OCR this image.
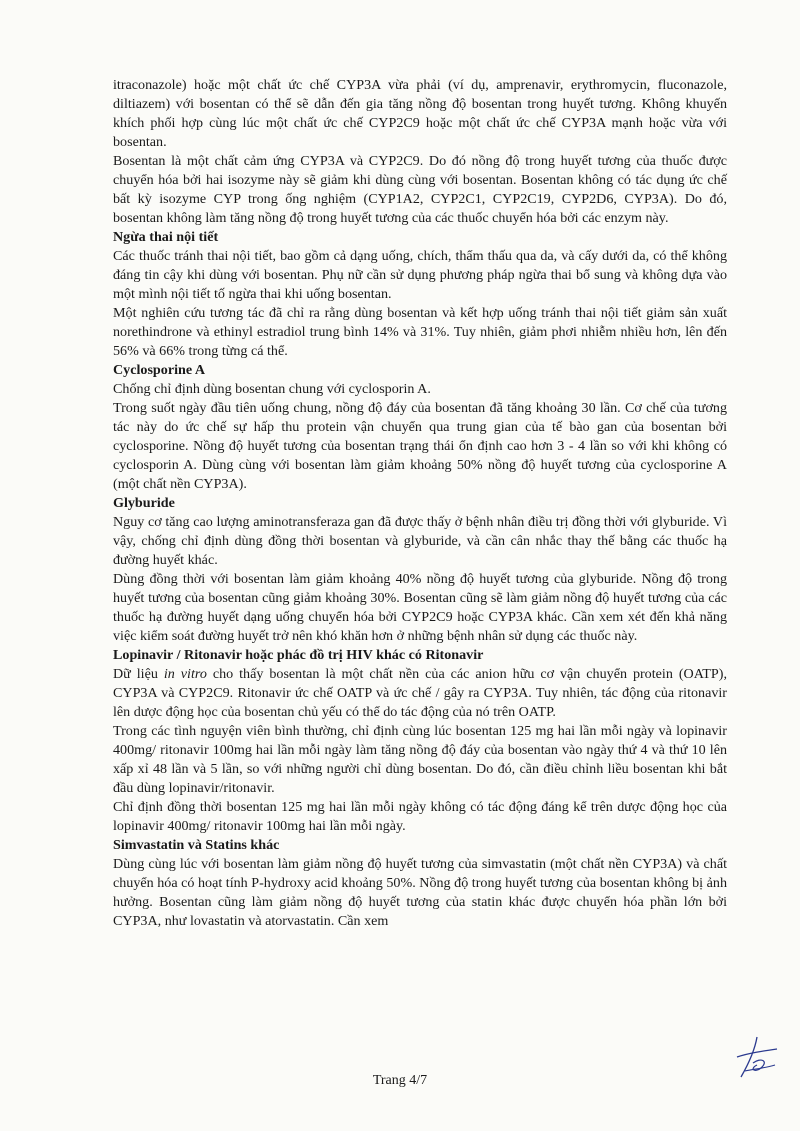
itraconazole) hoặc một chất ức chế CYP3A vừa phải (ví dụ, amprenavir, erythromycin, fluconazole, diltiazem) với bosentan có thể sẽ dẫn đến gia tăng nồng độ bosentan trong huyết tương. Không khuyến khích phối hợp cùng lúc một chất ức chế CYP2C9 hoặc một chất ức chế CYP3A mạnh hoặc vừa với bosentan.

Bosentan là một chất cảm ứng CYP3A và CYP2C9. Do đó nồng độ trong huyết tương của thuốc được chuyển hóa bởi hai isozyme này sẽ giảm khi dùng cùng với bosentan. Bosentan không có tác dụng ức chế bất kỳ isozyme CYP trong ống nghiệm (CYP1A2, CYP2C1, CYP2C19, CYP2D6, CYP3A). Do đó, bosentan không làm tăng nồng độ trong huyết tương của các thuốc chuyển hóa bởi các enzym này.

Ngừa thai nội tiết

Các thuốc tránh thai nội tiết, bao gồm cả dạng uống, chích, thẩm thấu qua da, và cấy dưới da, có thể không đáng tin cậy khi dùng với bosentan. Phụ nữ cần sử dụng phương pháp ngừa thai bổ sung và không dựa vào một mình nội tiết tố ngừa thai khi uống bosentan.

Một nghiên cứu tương tác đã chỉ ra rằng dùng bosentan và kết hợp uống tránh thai nội tiết giảm sản xuất norethindrone và ethinyl estradiol trung bình 14% và 31%. Tuy nhiên, giảm phơi nhiễm nhiều hơn, lên đến 56% và 66% trong từng cá thể.

Cyclosporine A

Chống chỉ định dùng bosentan chung với cyclosporin A.

Trong suốt ngày đầu tiên uống chung, nồng độ đáy của bosentan đã tăng khoảng 30 lần. Cơ chế của tương tác này do ức chế sự hấp thu protein vận chuyển qua trung gian của tế bào gan của bosentan bởi cyclosporine. Nồng độ huyết tương của bosentan trạng thái ổn định cao hơn 3 - 4 lần so với khi không có cyclosporin A. Dùng cùng với bosentan làm giảm khoảng 50% nồng độ huyết tương của cyclosporine A (một chất nền CYP3A).

Glyburide

Nguy cơ tăng cao lượng aminotransferaza gan đã được thấy ở bệnh nhân điều trị đồng thời với glyburide. Vì vậy, chống chỉ định dùng đồng thời bosentan và glyburide, và cần cân nhắc thay thế bằng các thuốc hạ đường huyết khác.

Dùng đồng thời với bosentan làm giảm khoảng 40% nồng độ huyết tương của glyburide. Nồng độ trong huyết tương của bosentan cũng giảm khoảng 30%. Bosentan cũng sẽ làm giảm nồng độ huyết tương của các thuốc hạ đường huyết dạng uống chuyển hóa bởi CYP2C9 hoặc CYP3A khác. Cần xem xét đến khả năng việc kiểm soát đường huyết trở nên khó khăn hơn ở những bệnh nhân sử dụng các thuốc này.

Lopinavir / Ritonavir hoặc phác đồ trị HIV khác có Ritonavir

Dữ liệu in vitro cho thấy bosentan là một chất nền của các anion hữu cơ vận chuyển protein (OATP), CYP3A và CYP2C9. Ritonavir ức chế OATP và ức chế / gây ra CYP3A. Tuy nhiên, tác động của ritonavir lên dược động học của bosentan chủ yếu có thể do tác động của nó trên OATP.

Trong các tình nguyện viên bình thường, chỉ định cùng lúc bosentan 125 mg hai lần mỗi ngày và lopinavir 400mg/ ritonavir 100mg hai lần mỗi ngày làm tăng nồng độ đáy của bosentan vào ngày thứ 4 và thứ 10 lên xấp xỉ 48 lần và 5 lần, so với những người chỉ dùng bosentan. Do đó, cần điều chỉnh liều bosentan khi bắt đầu dùng lopinavir/ritonavir.

Chỉ định đồng thời bosentan 125 mg hai lần mỗi ngày không có tác động đáng kể trên dược động học của lopinavir 400mg/ ritonavir 100mg hai lần mỗi ngày.

Simvastatin và Statins khác

Dùng cùng lúc với bosentan làm giảm nồng độ huyết tương của simvastatin (một chất nền CYP3A) và chất chuyển hóa có hoạt tính P-hydroxy acid khoảng 50%. Nồng độ trong huyết tương của bosentan không bị ảnh hưởng. Bosentan cũng làm giảm nồng độ huyết tương của statin khác được chuyển hóa phần lớn bởi CYP3A, như lovastatin và atorvastatin. Cần xem

Trang 4/7
